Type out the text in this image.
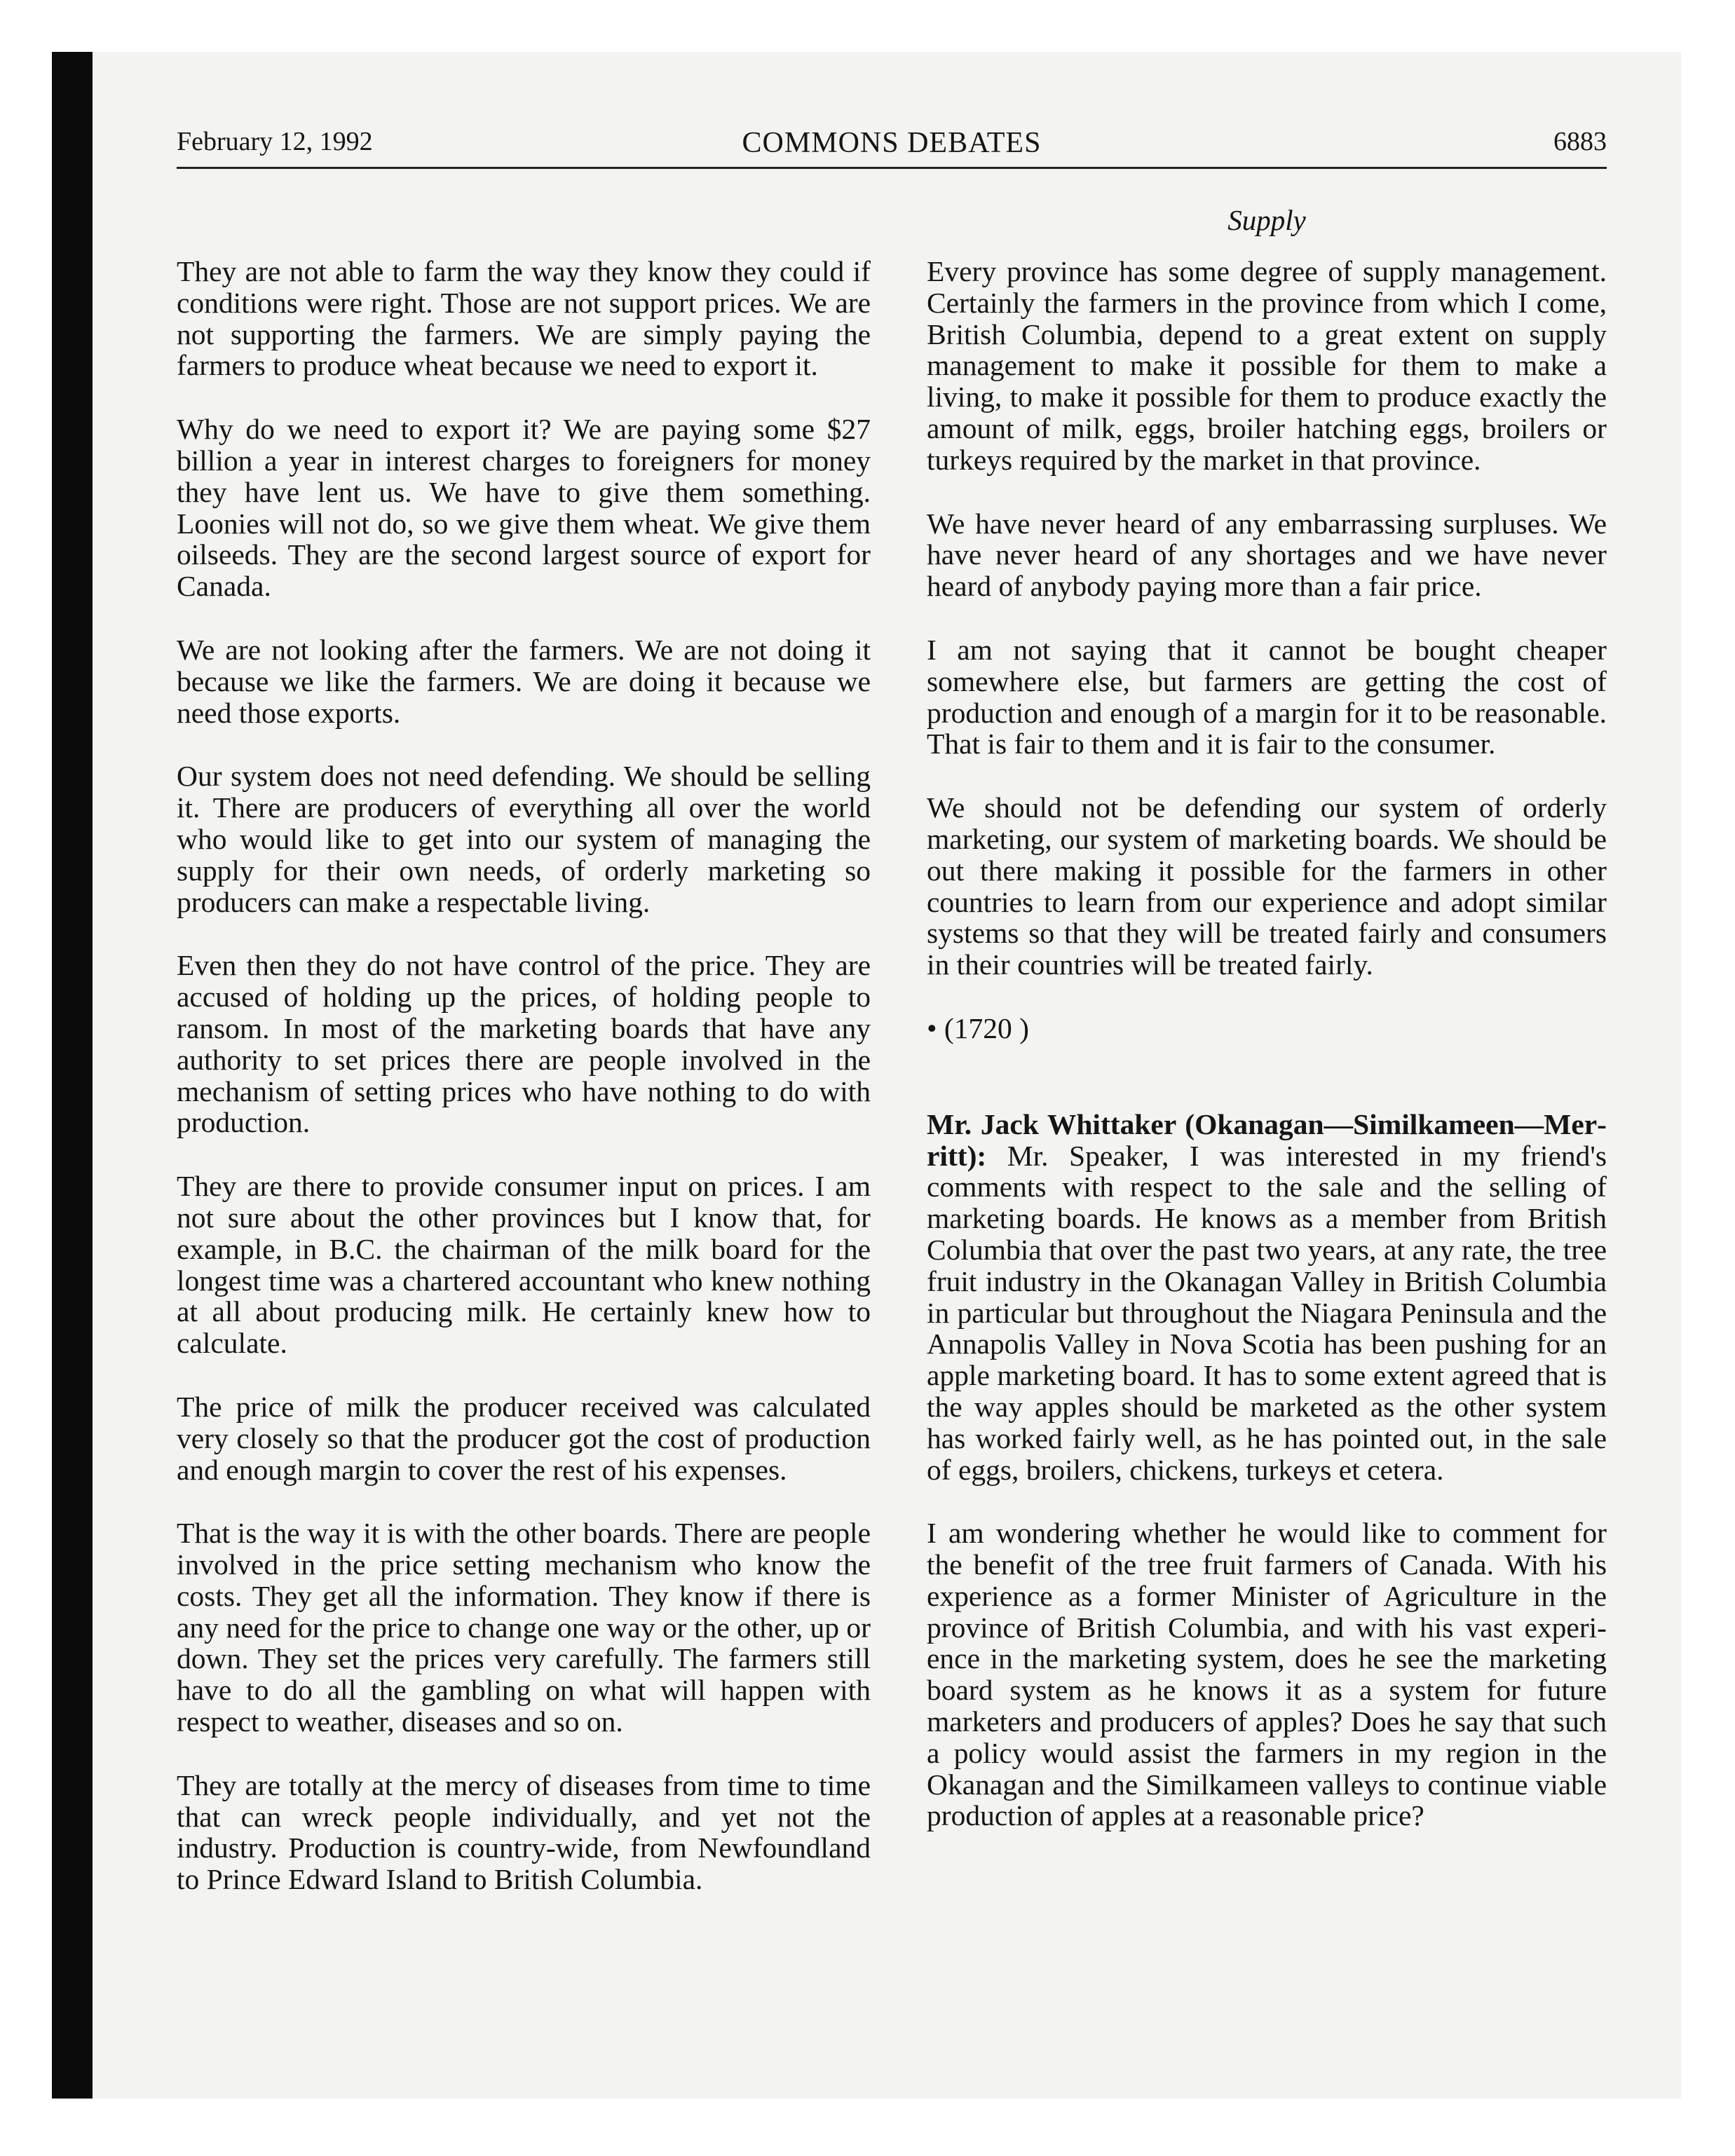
February 12, 1992	COMMONS DEBATES	6883
Supply

They are not able to farm the way they know they could if conditions were right. Those are not support prices. We are not supporting the farmers. We are simply paying the farmers to produce wheat because we need to export it.

Why do we need to export it? We are paying some $27 billion a year in interest charges to foreigners for money they have lent us. We have to give them something. Loonies will not do, so we give them wheat. We give them oilseeds. They are the second largest source of export for Canada.

We are not looking after the farmers. We are not doing it because we like the farmers. We are doing it because we need those exports.

Our system does not need defending. We should be selling it. There are producers of everything all over the world who would like to get into our system of managing the supply for their own needs, of orderly marketing so producers can make a respectable living.

Even then they do not have control of the price. They are accused of holding up the prices, of holding people to ransom. In most of the marketing boards that have any authority to set prices there are people involved in the mechanism of setting prices who have nothing to do with production.

They are there to provide consumer input on prices. I am not sure about the other provinces but I know that, for example, in B.C. the chairman of the milk board for the longest time was a chartered accountant who knew nothing at all about producing milk. He certainly knew how to calculate.

The price of milk the producer received was calculated very closely so that the producer got the cost of production and enough margin to cover the rest of his expenses.

That is the way it is with the other boards. There are people involved in the price setting mechanism who know the costs. They get all the information. They know if there is any need for the price to change one way or the other, up or down. They set the prices very carefully. The farmers still have to do all the gambling on what will happen with respect to weather, diseases and so on.

They are totally at the mercy of diseases from time to time that can wreck people individually, and yet not the industry. Production is country-wide, from Newfoundland to Prince Edward Island to British Columbia.

Every province has some degree of supply management. Certainly the farmers in the province from which I come, British Columbia, depend to a great extent on supply management to make it possible for them to make a living, to make it possible for them to produce exactly the amount of milk, eggs, broiler hatching eggs, broilers or turkeys required by the market in that province.

We have never heard of any embarrassing surpluses. We have never heard of any shortages and we have never heard of anybody paying more than a fair price.

I am not saying that it cannot be bought cheaper somewhere else, but farmers are getting the cost of production and enough of a margin for it to be reasonable. That is fair to them and it is fair to the consumer.

We should not be defending our system of orderly marketing, our system of marketing boards. We should be out there making it possible for the farmers in other countries to learn from our experience and adopt similar systems so that they will be treated fairly and consumers in their countries will be treated fairly.

• (1720 )

Mr. Jack Whittaker (Okanagan—Similkameen—Merritt): Mr. Speaker, I was interested in my friend's comments with respect to the sale and the selling of marketing boards. He knows as a member from British Columbia that over the past two years, at any rate, the tree fruit industry in the Okanagan Valley in British Columbia in particular but throughout the Niagara Peninsula and the Annapolis Valley in Nova Scotia has been pushing for an apple marketing board. It has to some extent agreed that is the way apples should be marketed as the other system has worked fairly well, as he has pointed out, in the sale of eggs, broilers, chickens, turkeys et cetera.

I am wondering whether he would like to comment for the benefit of the tree fruit farmers of Canada. With his experience as a former Minister of Agriculture in the province of British Columbia, and with his vast experience in the marketing system, does he see the marketing board system as he knows it as a system for future marketers and producers of apples? Does he say that such a policy would assist the farmers in my region in the Okanagan and the Similkameen valleys to continue viable production of apples at a reasonable price?
